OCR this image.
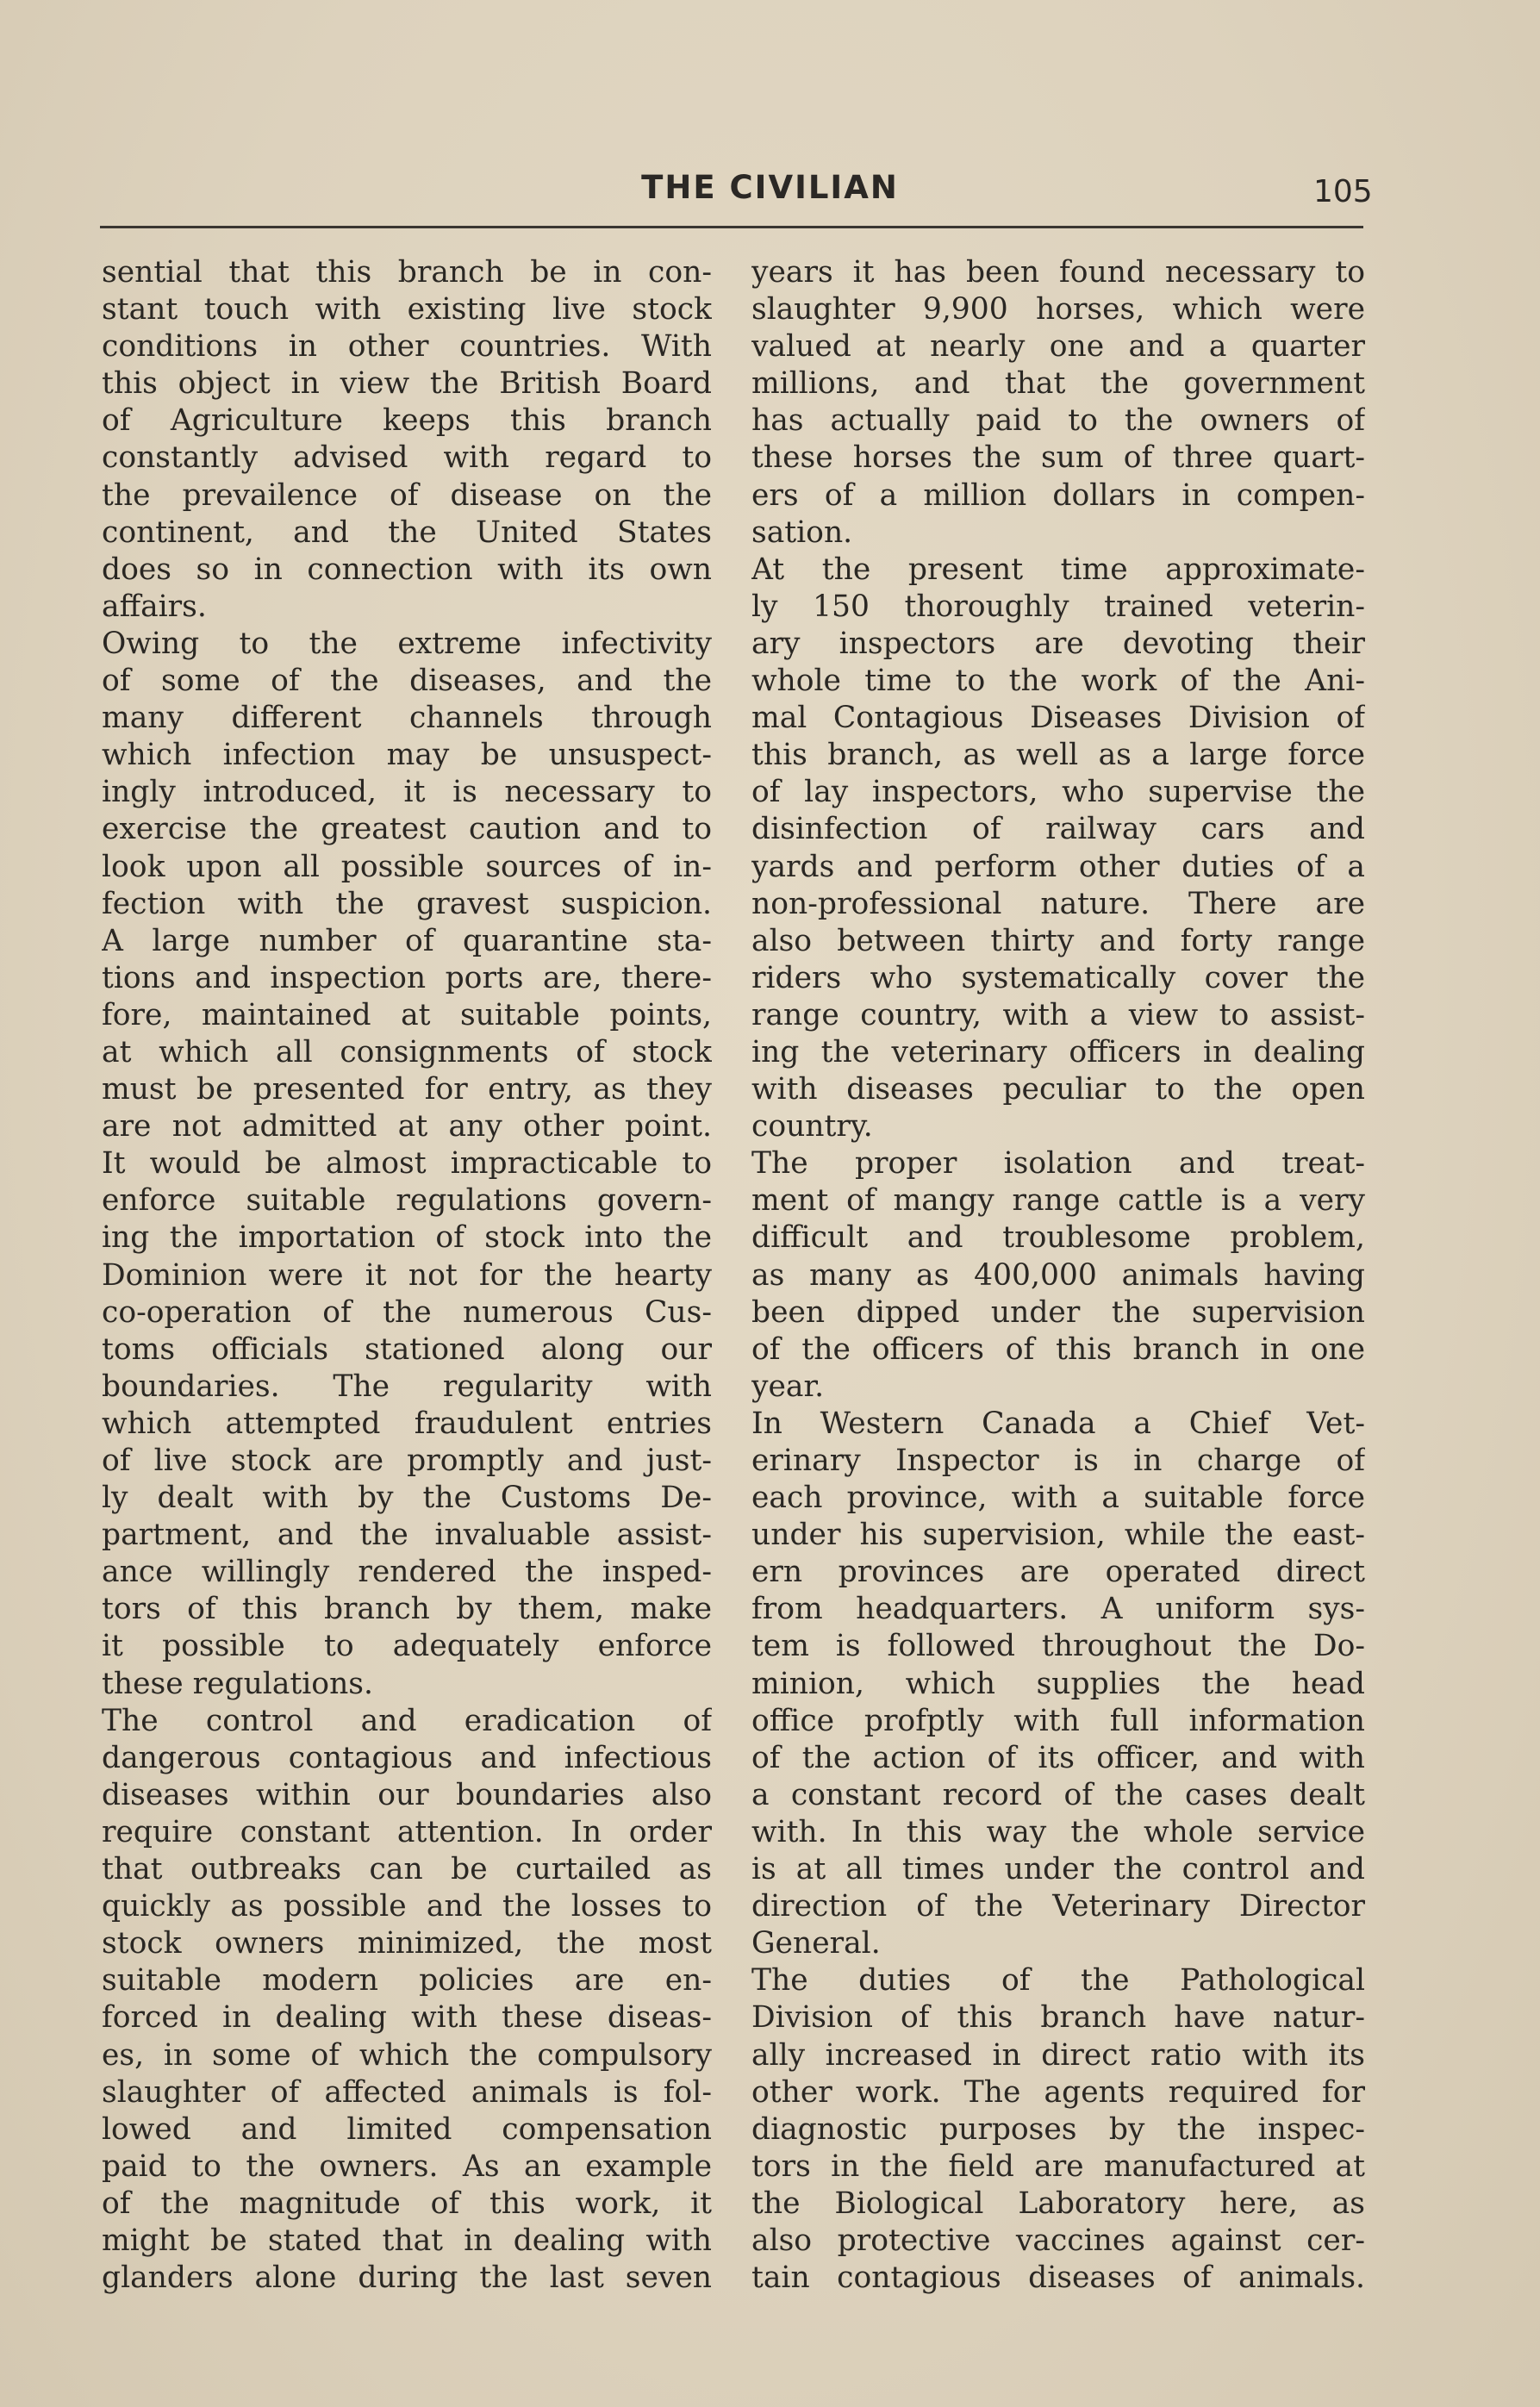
THE CIVILIAN	105
sential that this branch be in con-
stant touch with existing live stock
conditions in other countries. With
this object in view the British Board
of Agriculture keeps this branch
constantly advised with regard to
the prevailence of disease on the
continent, and the United States
does so in connection with its own
affairs.
Owing to the extreme infectivity
of some of the diseases, and the
many different channels through
which infection may be unsuspect-
ingly introduced, it is necessary to
exercise the greatest caution and to
look upon all possible sources of in-
fection with the gravest suspicion.
A large number of quarantine sta-
tions and inspection ports are, there-
fore, maintained at suitable points,
at which all consignments of stock
must be presented for entry, as they
are not admitted at any other point.
It would be almost impracticable to
enforce suitable regulations govern-
ing the importation of stock into the
Dominion were it not for the hearty
co-operation of the numerous Cus-
toms officials stationed along our
boundaries. The regularity with
which attempted fraudulent entries
of live stock are promptly and just-
ly dealt with by the Customs De-
partment, and the invaluable assist-
ance willingly rendered the insped-
tors of this branch by them, make
it possible to adequately enforce
these regulations.
The control and eradication of
dangerous contagious and infectious
diseases within our boundaries also
require constant attention. In order
that outbreaks can be curtailed as
quickly as possible and the losses to
stock owners minimized, the most
suitable modern policies are en-
forced in dealing with these diseas-
es, in some of which the compulsory
slaughter of affected animals is fol-
lowed and limited compensation
paid to the owners. As an example
of the magnitude of this work, it
might be stated that in dealing with
glanders alone during the last seven
years it has been found necessary to
slaughter 9,900 horses, which were
valued at nearly one and a quarter
millions, and that the government
has actually paid to the owners of
these horses the sum of three quart-
ers of a million dollars in compen-
sation.
At the present time approximate-
ly 150 thoroughly trained veterin-
ary inspectors are devoting their
whole time to the work of the Ani-
mal Contagious Diseases Division of
this branch, as well as a large force
of lay inspectors, who supervise the
disinfection of railway cars and
yards and perform other duties of a
non-professional nature. There are
also between thirty and forty range
riders who systematically cover the
range country, with a view to assist-
ing the veterinary officers in dealing
with diseases peculiar to the open
country.
The proper isolation and treat-
ment of mangy range cattle is a very
difficult and troublesome problem,
as many as 400,000 animals having
been dipped under the supervision
of the officers of this branch in one
year.
In Western Canada a Chief Vet-
erinary Inspector is in charge of
each province, with a suitable force
under his supervision, while the east-
ern provinces are operated direct
from headquarters. A uniform sys-
tem is followed throughout the Do-
minion, which supplies the head
office profptly with full information
of the action of its officer, and with
a constant record of the cases dealt
with. In this way the whole service
is at all times under the control and
direction of the Veterinary Director
General.
The duties of the Pathological
Division of this branch have natur-
ally increased in direct ratio with its
other work. The agents required for
diagnostic purposes by the inspec-
tors in the field are manufactured at
the Biological Laboratory here, as
also protective vaccines against cer-
tain contagious diseases of animals.
